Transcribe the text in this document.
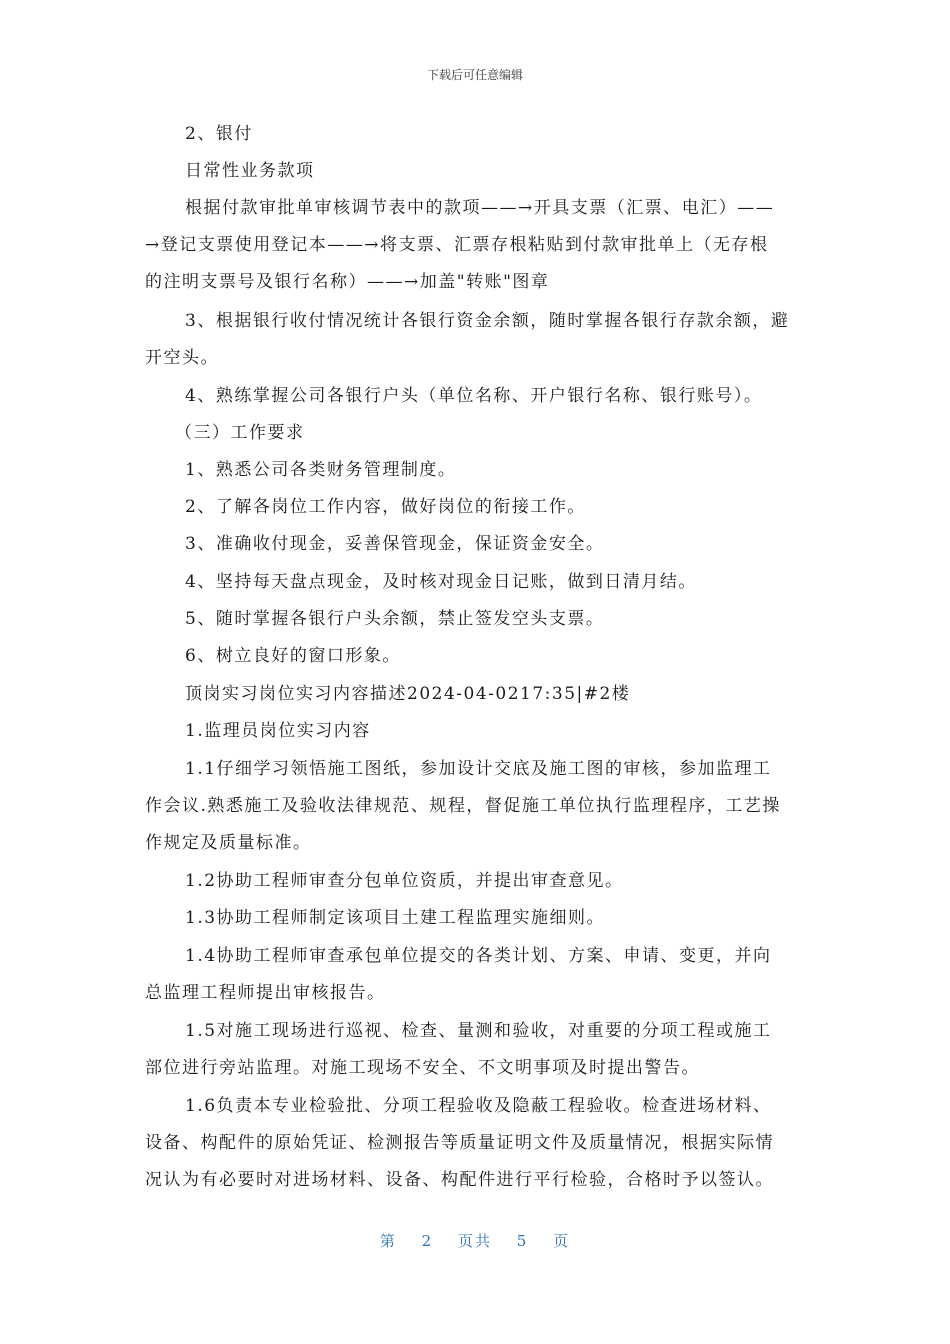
下载后可任意编辑
2、银付
日常性业务款项
根据付款审批单审核调节表中的款项——→开具支票（汇票、电汇）——
→登记支票使用登记本——→将支票、汇票存根粘贴到付款审批单上（无存根
的注明支票号及银行名称）——→加盖"转账"图章
3、根据银行收付情况统计各银行资金余额，随时掌握各银行存款余额，避
开空头。
4、熟练掌握公司各银行户头（单位名称、开户银行名称、银行账号）。
（三）工作要求
1、熟悉公司各类财务管理制度。
2、了解各岗位工作内容，做好岗位的衔接工作。
3、准确收付现金，妥善保管现金，保证资金安全。
4、坚持每天盘点现金，及时核对现金日记账，做到日清月结。
5、随时掌握各银行户头余额，禁止签发空头支票。
6、树立良好的窗口形象。
顶岗实习岗位实习内容描述2024-04-0217:35|#2楼
1.监理员岗位实习内容
1.1仔细学习领悟施工图纸，参加设计交底及施工图的审核，参加监理工
作会议.熟悉施工及验收法律规范、规程，督促施工单位执行监理程序，工艺操
作规定及质量标准。
1.2协助工程师审查分包单位资质，并提出审查意见。
1.3协助工程师制定该项目土建工程监理实施细则。
1.4协助工程师审查承包单位提交的各类计划、方案、申请、变更，并向
总监理工程师提出审核报告。
1.5对施工现场进行巡视、检查、量测和验收，对重要的分项工程或施工
部位进行旁站监理。对施工现场不安全、不文明事项及时提出警告。
1.6负责本专业检验批、分项工程验收及隐蔽工程验收。检查进场材料、
设备、构配件的原始凭证、检测报告等质量证明文件及质量情况，根据实际情
况认为有必要时对进场材料、设备、构配件进行平行检验，合格时予以签认。
第 2 页共 5 页
